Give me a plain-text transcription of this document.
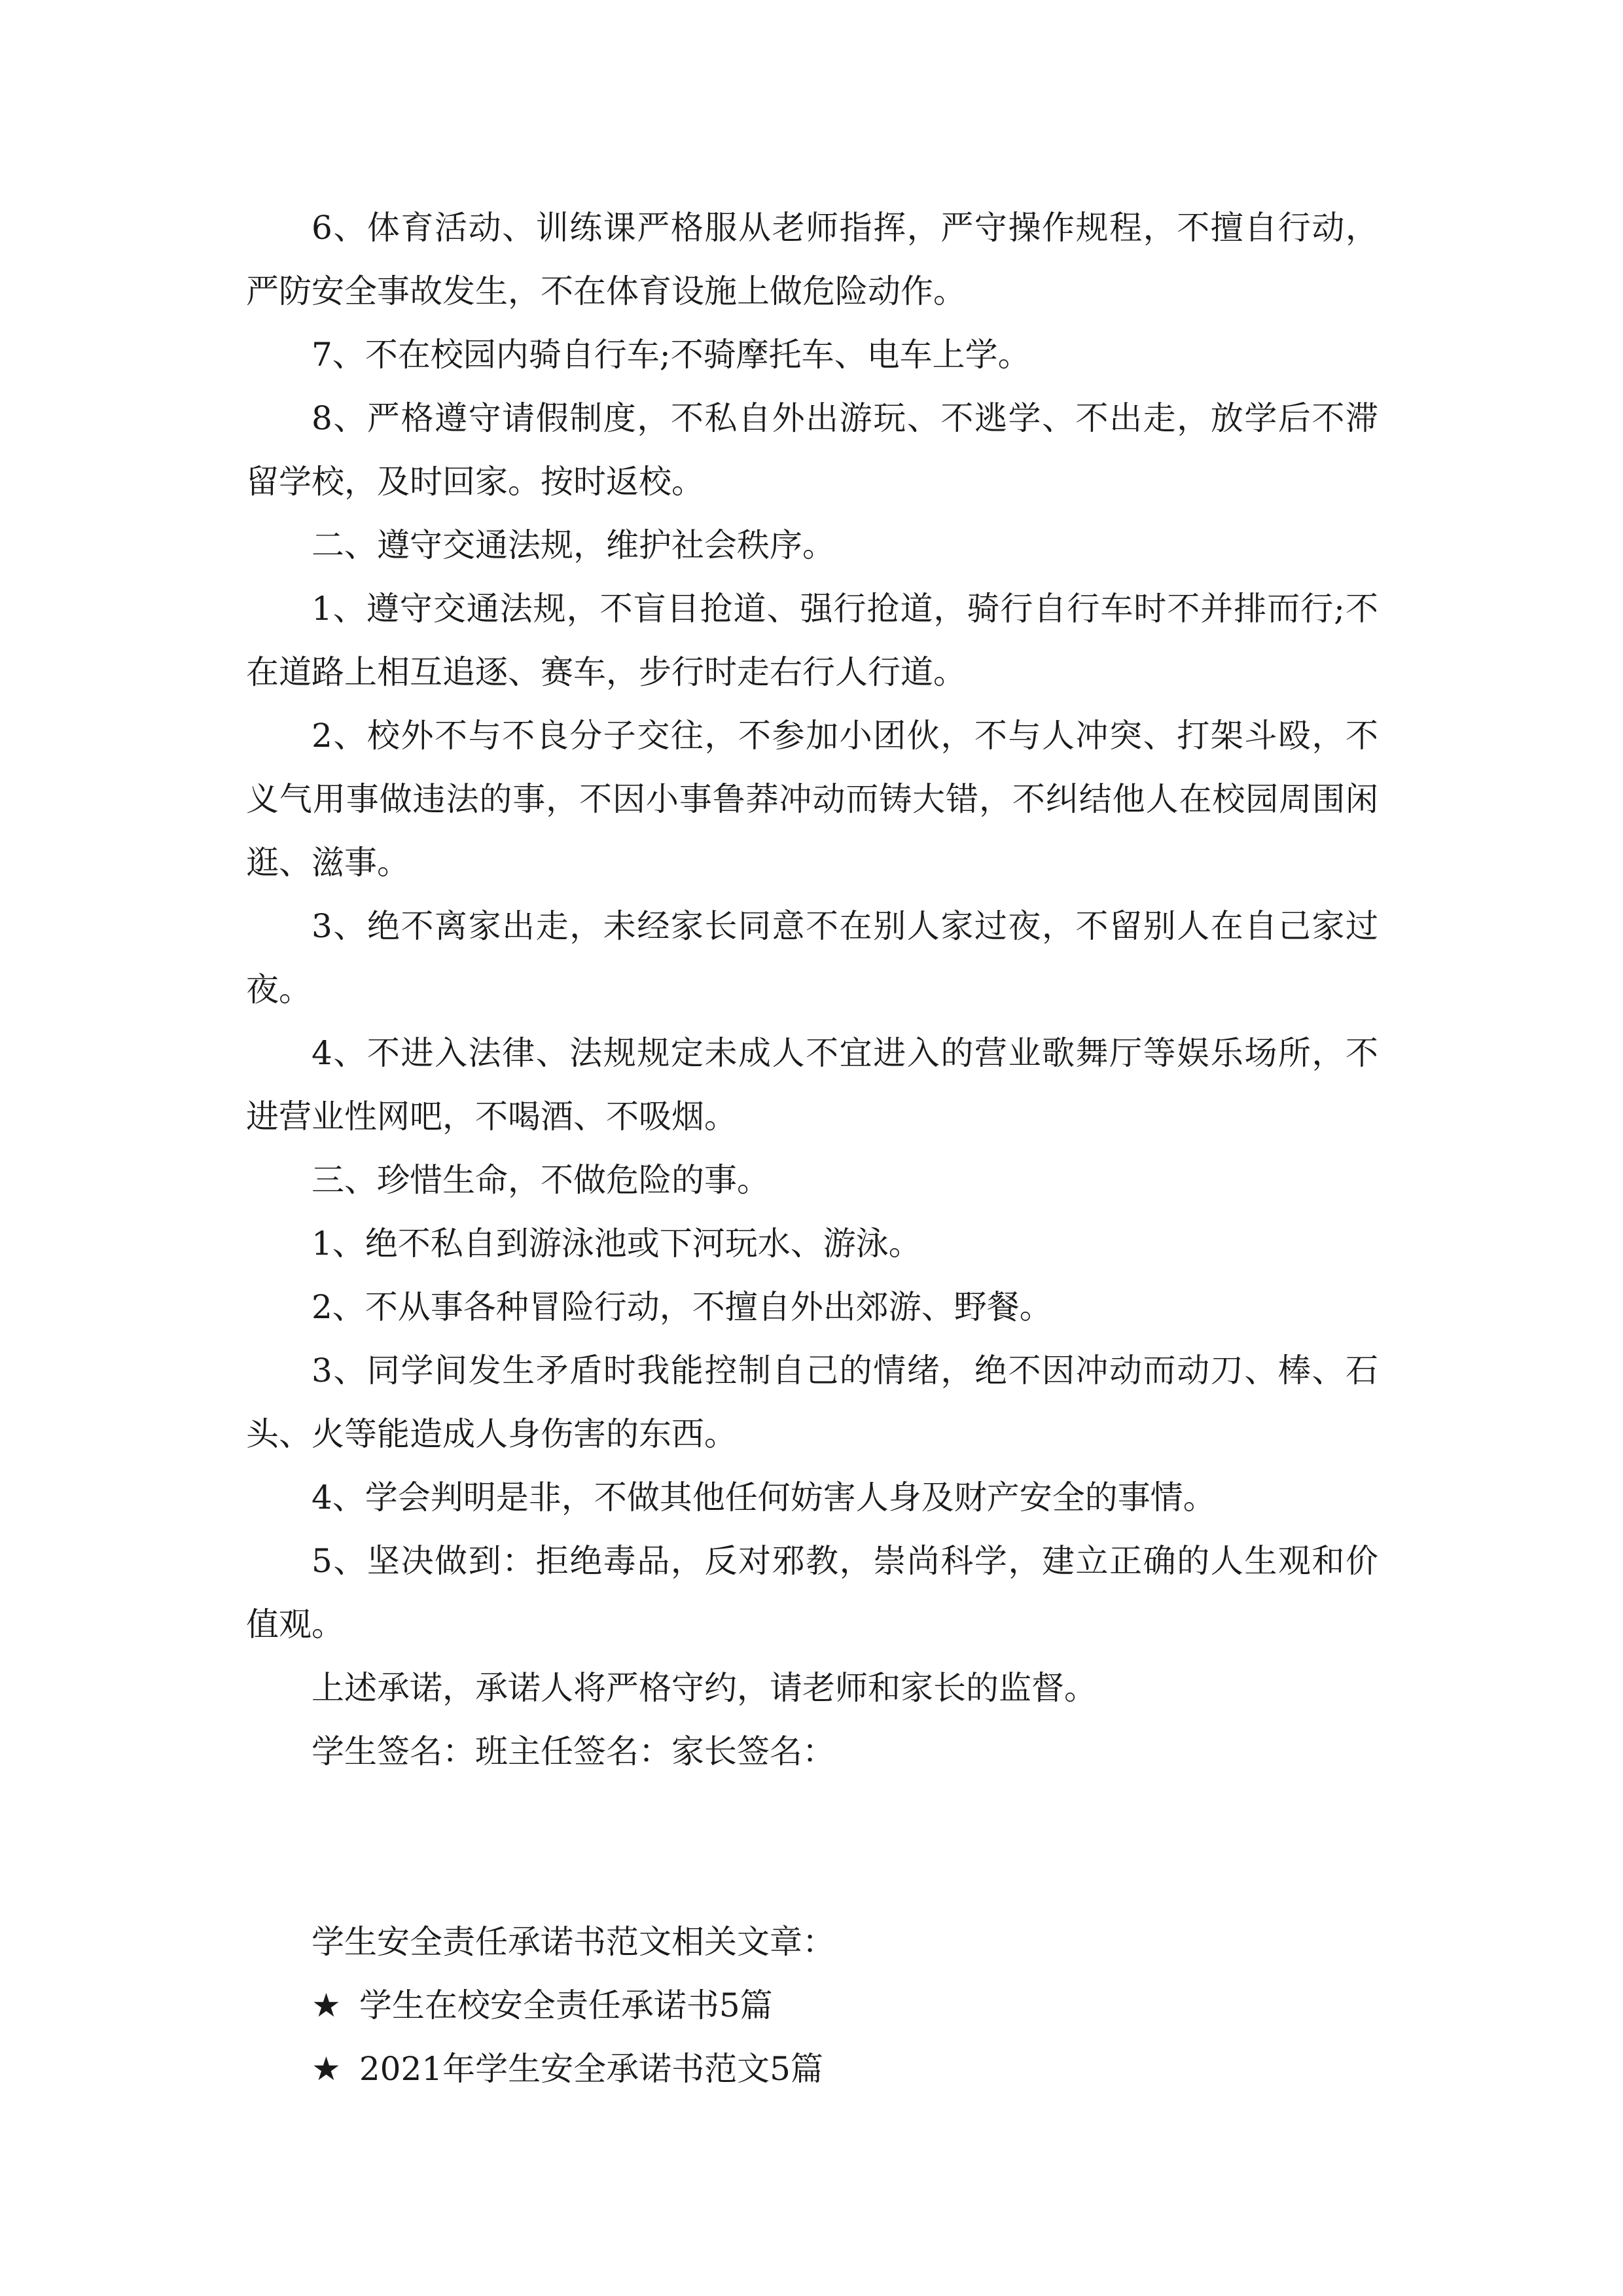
6、体育活动、训练课严格服从老师指挥，严守操作规程，不擅自行动，严防安全事故发生，不在体育设施上做危险动作。

7、不在校园内骑自行车;不骑摩托车、电车上学。

8、严格遵守请假制度，不私自外出游玩、不逃学、不出走，放学后不滞留学校，及时回家。按时返校。

二、遵守交通法规，维护社会秩序。

1、遵守交通法规，不盲目抢道、强行抢道，骑行自行车时不并排而行;不在道路上相互追逐、赛车，步行时走右行人行道。

2、校外不与不良分子交往，不参加小团伙，不与人冲突、打架斗殴，不义气用事做违法的事，不因小事鲁莽冲动而铸大错，不纠结他人在校园周围闲逛、滋事。

3、绝不离家出走，未经家长同意不在别人家过夜，不留别人在自己家过夜。

4、不进入法律、法规规定未成人不宜进入的营业歌舞厅等娱乐场所，不进营业性网吧，不喝酒、不吸烟。

三、珍惜生命，不做危险的事。

1、绝不私自到游泳池或下河玩水、游泳。

2、不从事各种冒险行动，不擅自外出郊游、野餐。

3、同学间发生矛盾时我能控制自己的情绪，绝不因冲动而动刀、棒、石头、火等能造成人身伤害的东西。

4、学会判明是非，不做其他任何妨害人身及财产安全的事情。

5、坚决做到：拒绝毒品，反对邪教，崇尚科学，建立正确的人生观和价值观。

上述承诺，承诺人将严格守约，请老师和家长的监督。

学生签名：班主任签名：家长签名：

学生安全责任承诺书范文相关文章：

★ 学生在校安全责任承诺书5篇

★ 2021年学生安全承诺书范文5篇
